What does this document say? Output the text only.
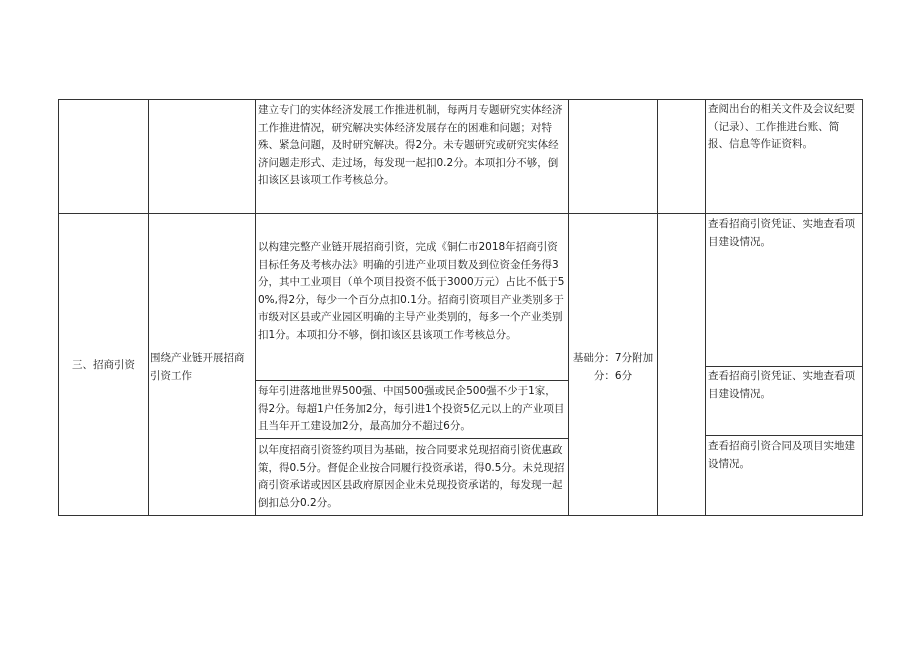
建立专门的实体经济发展工作推进机制，每两月专题研究实体经济工作推进情况，研究解决实体经济发展存在的困难和问题；对特殊、紧急问题，及时研究解决。得2分。未专题研究或研究实体经济问题走形式、走过场，每发现一起扣0.2分。本项扣分不够，倒扣该区县该项工作考核总分。

查阅出台的相关文件及会议纪要（记录）、工作推进台账、简报、信息等作证资料。

三、招商引资

围绕产业链开展招商引资工作

基础分：7分附加分：6分

以构建完整产业链开展招商引资，完成《铜仁市2018年招商引资目标任务及考核办法》明确的引进产业项目数及到位资金任务得3分，其中工业项目（单个项目投资不低于3000万元）占比不低于50%,得2分，每少一个百分点扣0.1分。招商引资项目产业类别多于市级对区县或产业园区明确的主导产业类别的，每多一个产业类别扣1分。本项扣分不够，倒扣该区县该项工作考核总分。

每年引进落地世界500强、中国500强或民企500强不少于1家，得2分。每超1户任务加2分，每引进1个投资5亿元以上的产业项目且当年开工建设加2分，最高加分不超过6分。

以年度招商引资签约项目为基础，按合同要求兑现招商引资优惠政策，得0.5分。督促企业按合同履行投资承诺，得0.5分。未兑现招商引资承诺或因区县政府原因企业未兑现投资承诺的，每发现一起倒扣总分0.2分。

查看招商引资凭证、实地查看项目建设情况。

查看招商引资凭证、实地查看项目建设情况。

查看招商引资合同及项目实地建设情况。
